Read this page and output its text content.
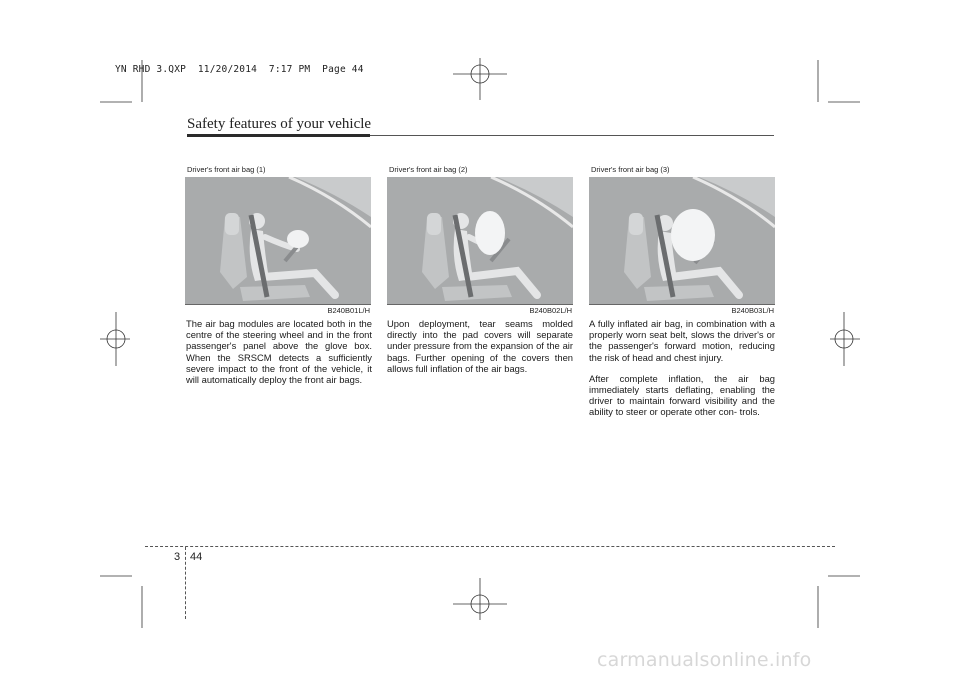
YN RHD 3.QXP  11/20/2014  7:17 PM  Page 44
Safety features of your vehicle
Driver's front air bag (1)
B240B01L/H
Driver's front air bag (2)
B240B02L/H
Driver's front air bag (3)
B240B03L/H

The air bag modules are located both in the centre of the steering wheel and in the front passenger's panel above the glove box. When the SRSCM detects a sufficiently severe impact to the front of the vehicle, it will automatically deploy the front air bags.

Upon deployment, tear seams molded directly into the pad covers will separate under pressure from the expansion of the air bags. Further opening of the covers then allows full inflation of the air bags.

A fully inflated air bag, in combination with a properly worn seat belt, slows the driver's or the passenger's forward motion, reducing the risk of head and chest injury.

After complete inflation, the air bag immediately starts deflating, enabling the driver to maintain forward visibility and the ability to steer or operate other con- trols.

3 44
carmanualsonline.info
